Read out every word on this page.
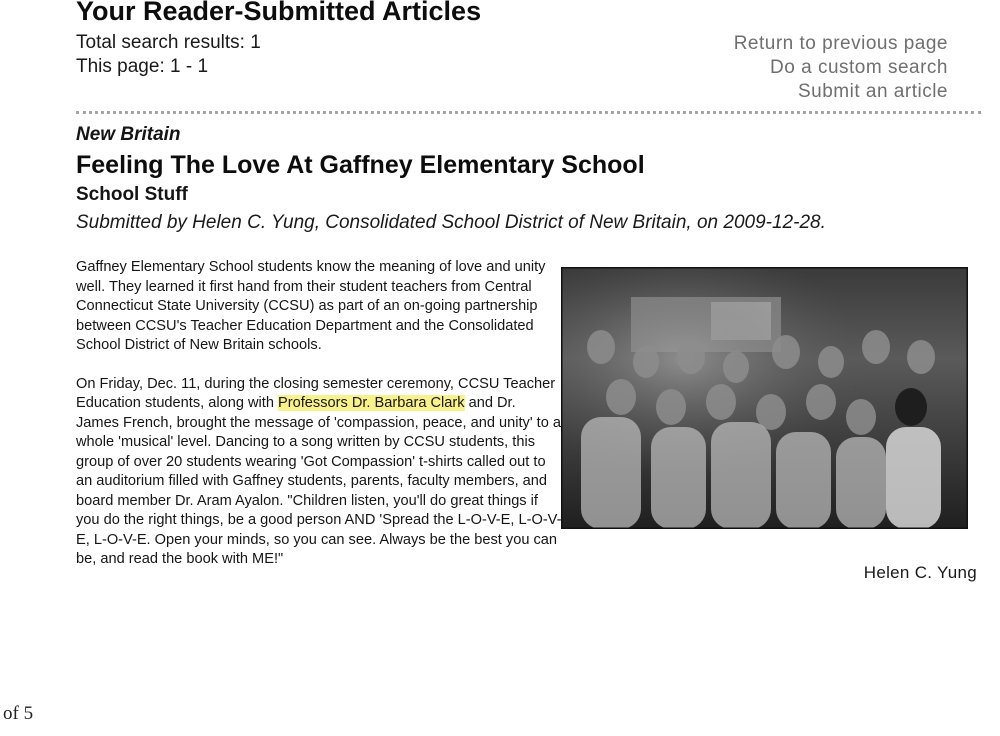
Your Reader-Submitted Articles
Total search results: 1
This page: 1 - 1
Return to previous page
Do a custom search
Submit an article
New Britain
Feeling The Love At Gaffney Elementary School
School Stuff
Submitted by Helen C. Yung, Consolidated School District of New Britain, on 2009-12-28.

Gaffney Elementary School students know the meaning of love and unity well. They learned it first hand from their student teachers from Central Connecticut State University (CCSU) as part of an on-going partnership between CCSU's Teacher Education Department and the Consolidated School District of New Britain schools.

On Friday, Dec. 11, during the closing semester ceremony, CCSU Teacher Education students, along with Professors Dr. Barbara Clark and Dr. James French, brought the message of 'compassion, peace, and unity' to a whole 'musical' level. Dancing to a song written by CCSU students, this group of over 20 students wearing 'Got Compassion' t-shirts called out to an auditorium filled with Gaffney students, parents, faculty members, and board member Dr. Aram Ayalon. "Children listen, you'll do great things if you do the right things, be a good person AND 'Spread the L-O-V-E, L-O-V-E, L-O-V-E. Open your minds, so you can see. Always be the best you can be, and read the book with ME!"

Helen C. Yung
of 5
